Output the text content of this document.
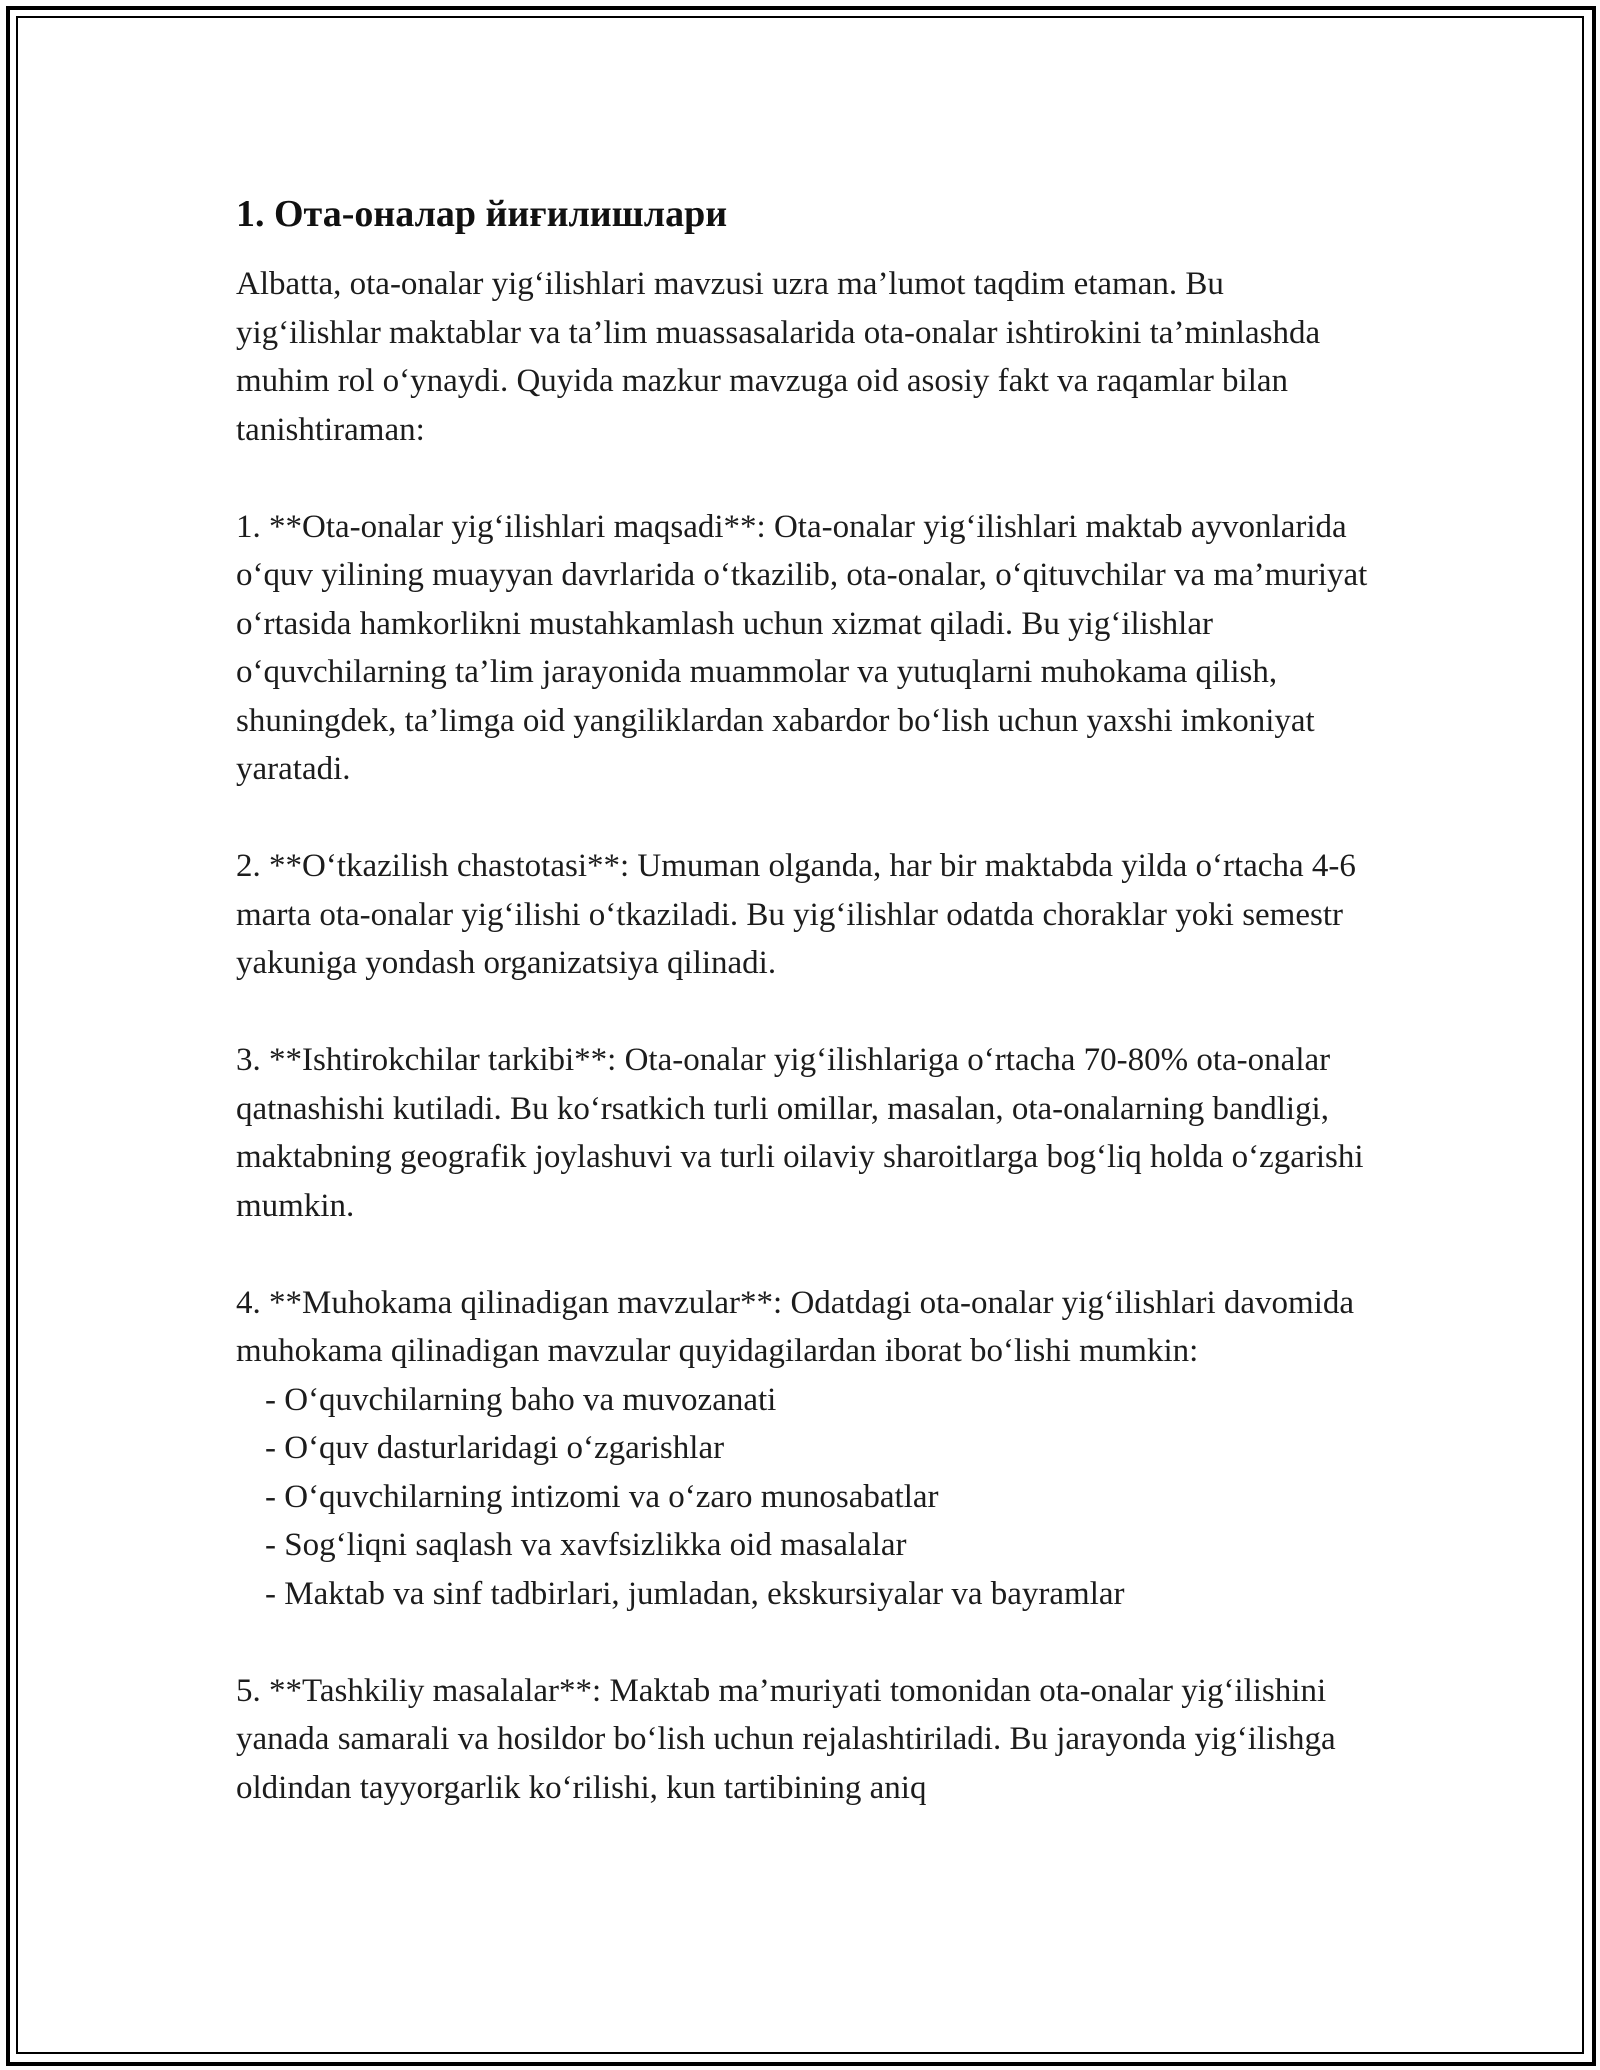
1. Ота-оналар йиғилишлари

Albatta, ota-onalar yig‘ilishlari mavzusi uzra ma’lumot taqdim etaman. Bu yig‘ilishlar maktablar va ta’lim muassasalarida ota-onalar ishtirokini ta’minlashda muhim rol o‘ynaydi. Quyida mazkur mavzuga oid asosiy fakt va raqamlar bilan tanishtiraman:

1. **Ota-onalar yig‘ilishlari maqsadi**: Ota-onalar yig‘ilishlari maktab ayvonlarida o‘quv yilining muayyan davrlarida o‘tkazilib, ota-onalar, o‘qituvchilar va ma’muriyat o‘rtasida hamkorlikni mustahkamlash uchun xizmat qiladi. Bu yig‘ilishlar o‘quvchilarning ta’lim jarayonida muammolar va yutuqlarni muhokama qilish, shuningdek, ta’limga oid yangiliklardan xabardor bo‘lish uchun yaxshi imkoniyat yaratadi.

2. **O‘tkazilish chastotasi**: Umuman olganda, har bir maktabda yilda o‘rtacha 4-6 marta ota-onalar yig‘ilishi o‘tkaziladi. Bu yig‘ilishlar odatda choraklar yoki semestr yakuniga yondash organizatsiya qilinadi.

3. **Ishtirokchilar tarkibi**: Ota-onalar yig‘ilishlariga o‘rtacha 70-80% ota-onalar qatnashishi kutiladi. Bu ko‘rsatkich turli omillar, masalan, ota-onalarning bandligi, maktabning geografik joylashuvi va turli oilaviy sharoitlarga bog‘liq holda o‘zgarishi mumkin.

4. **Muhokama qilinadigan mavzular**: Odatdagi ota-onalar yig‘ilishlari davomida muhokama qilinadigan mavzular quyidagilardan iborat bo‘lishi mumkin:
- O‘quvchilarning baho va muvozanati
- O‘quv dasturlaridagi o‘zgarishlar
- O‘quvchilarning intizomi va o‘zaro munosabatlar
- Sog‘liqni saqlash va xavfsizlikka oid masalalar
- Maktab va sinf tadbirlari, jumladan, ekskursiyalar va bayramlar

5. **Tashkiliy masalalar**: Maktab ma’muriyati tomonidan ota-onalar yig‘ilishini yanada samarali va hosildor bo‘lish uchun rejalashtiriladi. Bu jarayonda yig‘ilishga oldindan tayyorgarlik ko‘rilishi, kun tartibining aniq
